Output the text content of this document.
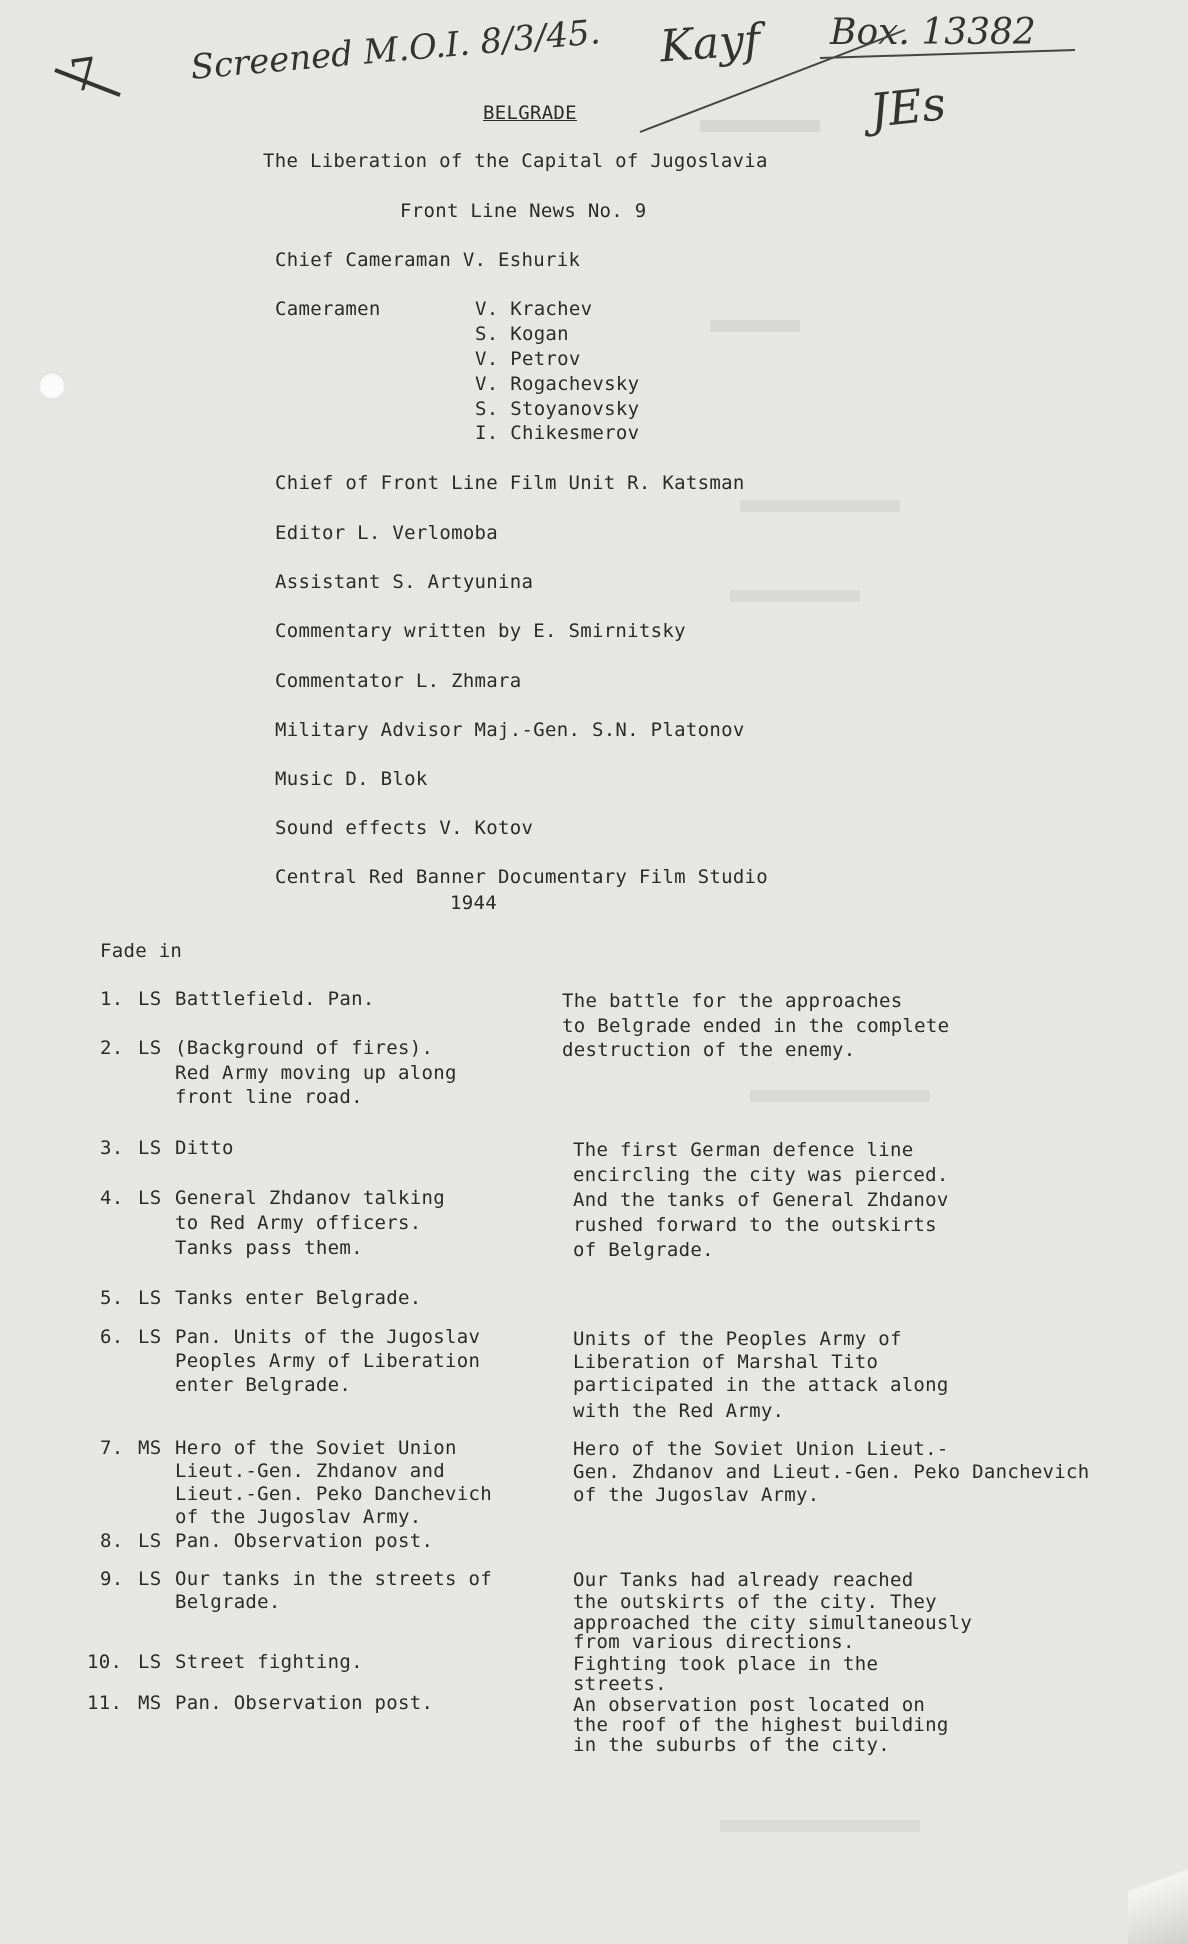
7	Screened M.O.I. 8/3/45. Kayf Box. 13382
JEs
BELGRADE
The Liberation of the Capital of Jugoslavia
Front Line News No. 9
Chief Cameraman V. Eshurik
Cameramen	V. Krachev
S. Kogan
V. Petrov
V. Rogachevsky
S. Stoyanovsky
I. Chikesmerov
Chief of Front Line Film Unit R. Katsman
Editor L. Verlomoba
Assistant S. Artyunina
Commentary written by E. Smirnitsky
Commentator L. Zhmara
Military Advisor Maj.-Gen. S.N. Platonov
Music D. Blok
Sound effects V. Kotov
Central Red Banner Documentary Film Studio
1944
Fade in
1. LS Battlefield. Pan.
2. LS (Background of fires).
Red Army moving up along
front line road.
3. LS Ditto
4. LS General Zhdanov talking
to Red Army officers.
Tanks pass them.
5. LS Tanks enter Belgrade.
6. LS Pan. Units of the Jugoslav
Peoples Army of Liberation
enter Belgrade.
7. MS Hero of the Soviet Union
Lieut.-Gen. Zhdanov and
Lieut.-Gen. Peko Danchevich
of the Jugoslav Army.
8. LS Pan. Observation post.
9. LS Our tanks in the streets of
Belgrade.
10. LS Street fighting.
11. MS Pan. Observation post.
The battle for the approaches
to Belgrade ended in the complete
destruction of the enemy.
The first German defence line
encircling the city was pierced.
And the tanks of General Zhdanov
rushed forward to the outskirts
of Belgrade.
Units of the Peoples Army of
Liberation of Marshal Tito
participated in the attack along
with the Red Army.
Hero of the Soviet Union Lieut.-
Gen. Zhdanov and Lieut.-Gen. Peko Danchevich
of the Jugoslav Army.
Our Tanks had already reached
the outskirts of the city. They
approached the city simultaneously
from various directions.
Fighting took place in the
streets.
An observation post located on
the roof of the highest building
in the suburbs of the city.
